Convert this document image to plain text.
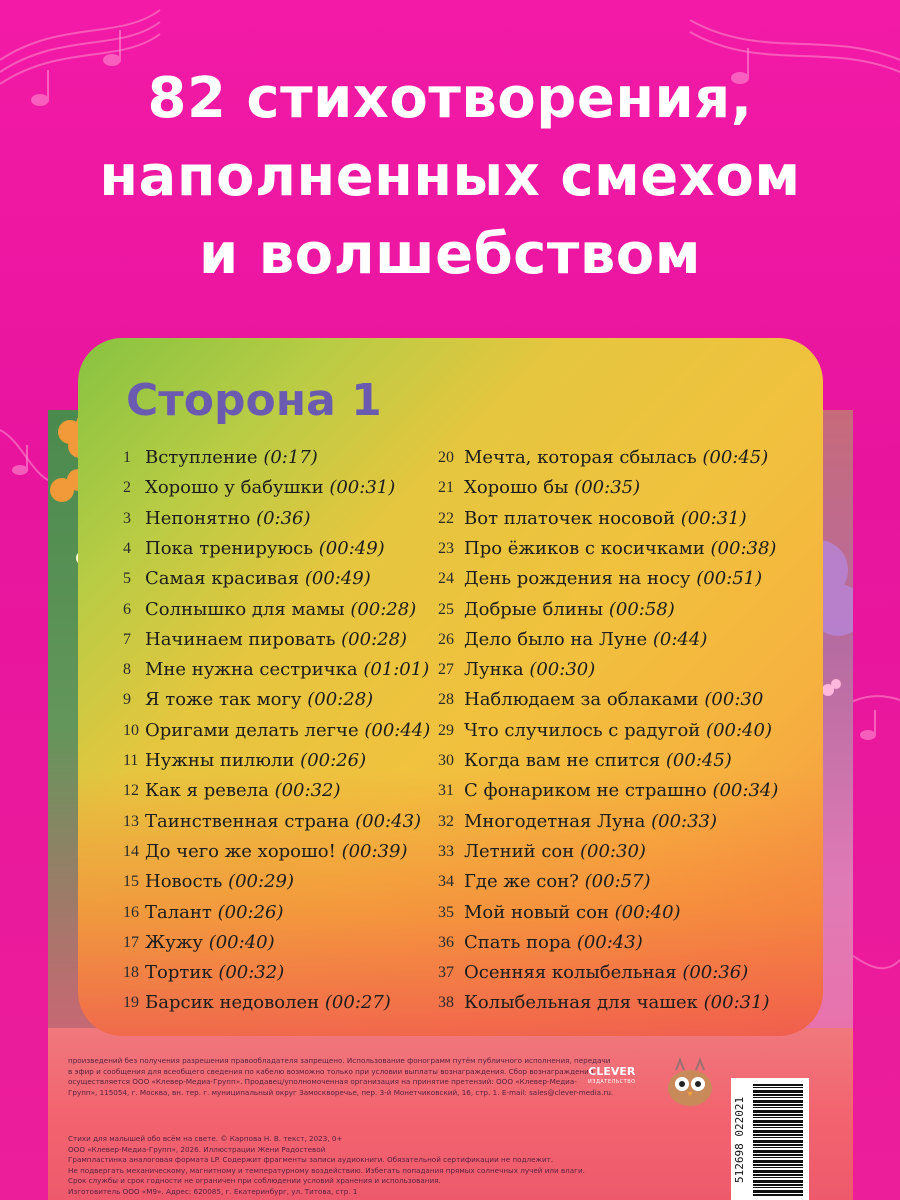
82 стихотворения,
наполненных смехом
и волшебством
произведений без получения разрешения правообладателя запрещено. Использование фонограмм путём публичного исполнения, передачи
в эфир и сообщения для всеобщего сведения по кабелю возможно только при условии выплаты вознаграждения. Сбор вознаграждения
осуществляется ООО «Клевер-Медиа-Групп». Продавец/уполномоченная организация на принятие претензий: ООО «Клевер-Медиа-
Групп», 115054, г. Москва, вн. тер. г. муниципальный округ Замоскворечье, пер. 3-й Монетчиковский, 16, стр. 1. E-mail: sales@clever-media.ru.
Стихи для малышей обо всём на свете. © Карпова Н. В. текст, 2023, 0+
ООО «Клевер-Медиа-Групп», 2026. Иллюстрации Жени Радостевой
Грампластинка аналоговая формата LP. Содержит фрагменты записи аудиокниги. Обязательной сертификации не подлежит.
Не подвергать механическому, магнитному и температурному воздействию. Избегать попадания прямых солнечных лучей или влаги.
Срок службы и срок годности не ограничен при соблюдении условий хранения и использования.
Изготовитель ООО «М9». Адрес: 620085, г. Екатеринбург, ул. Титова, стр. 1
CLEVER
ИЗДАТЕЛЬСТВО
512698 022021
Сторона 1
1 Вступление (0:17)
2 Хорошо у бабушки (00:31)
3 Непонятно (0:36)
4 Пока тренируюсь (00:49)
5 Самая красивая (00:49)
6 Солнышко для мамы (00:28)
7 Начинаем пировать (00:28)
8 Мне нужна сестричка (01:01)
9 Я тоже так могу (00:28)
10 Оригами делать легче (00:44)
11 Нужны пилюли (00:26)
12 Как я ревела (00:32)
13 Таинственная страна (00:43)
14 До чего же хорошо! (00:39)
15 Новость (00:29)
16 Талант (00:26)
17 Жужу (00:40)
18 Тортик (00:32)
19 Барсик недоволен (00:27)
20 Мечта, которая сбылась (00:45)
21 Хорошо бы (00:35)
22 Вот платочек носовой (00:31)
23 Про ёжиков с косичками (00:38)
24 День рождения на носу (00:51)
25 Добрые блины (00:58)
26 Дело было на Луне (0:44)
27 Лунка (00:30)
28 Наблюдаем за облаками (00:30
29 Что случилось с радугой (00:40)
30 Когда вам не спится (00:45)
31 С фонариком не страшно (00:34)
32 Многодетная Луна (00:33)
33 Летний сон (00:30)
34 Где же сон? (00:57)
35 Мой новый сон (00:40)
36 Спать пора (00:43)
37 Осенняя колыбельная (00:36)
38 Колыбельная для чашек (00:31)
